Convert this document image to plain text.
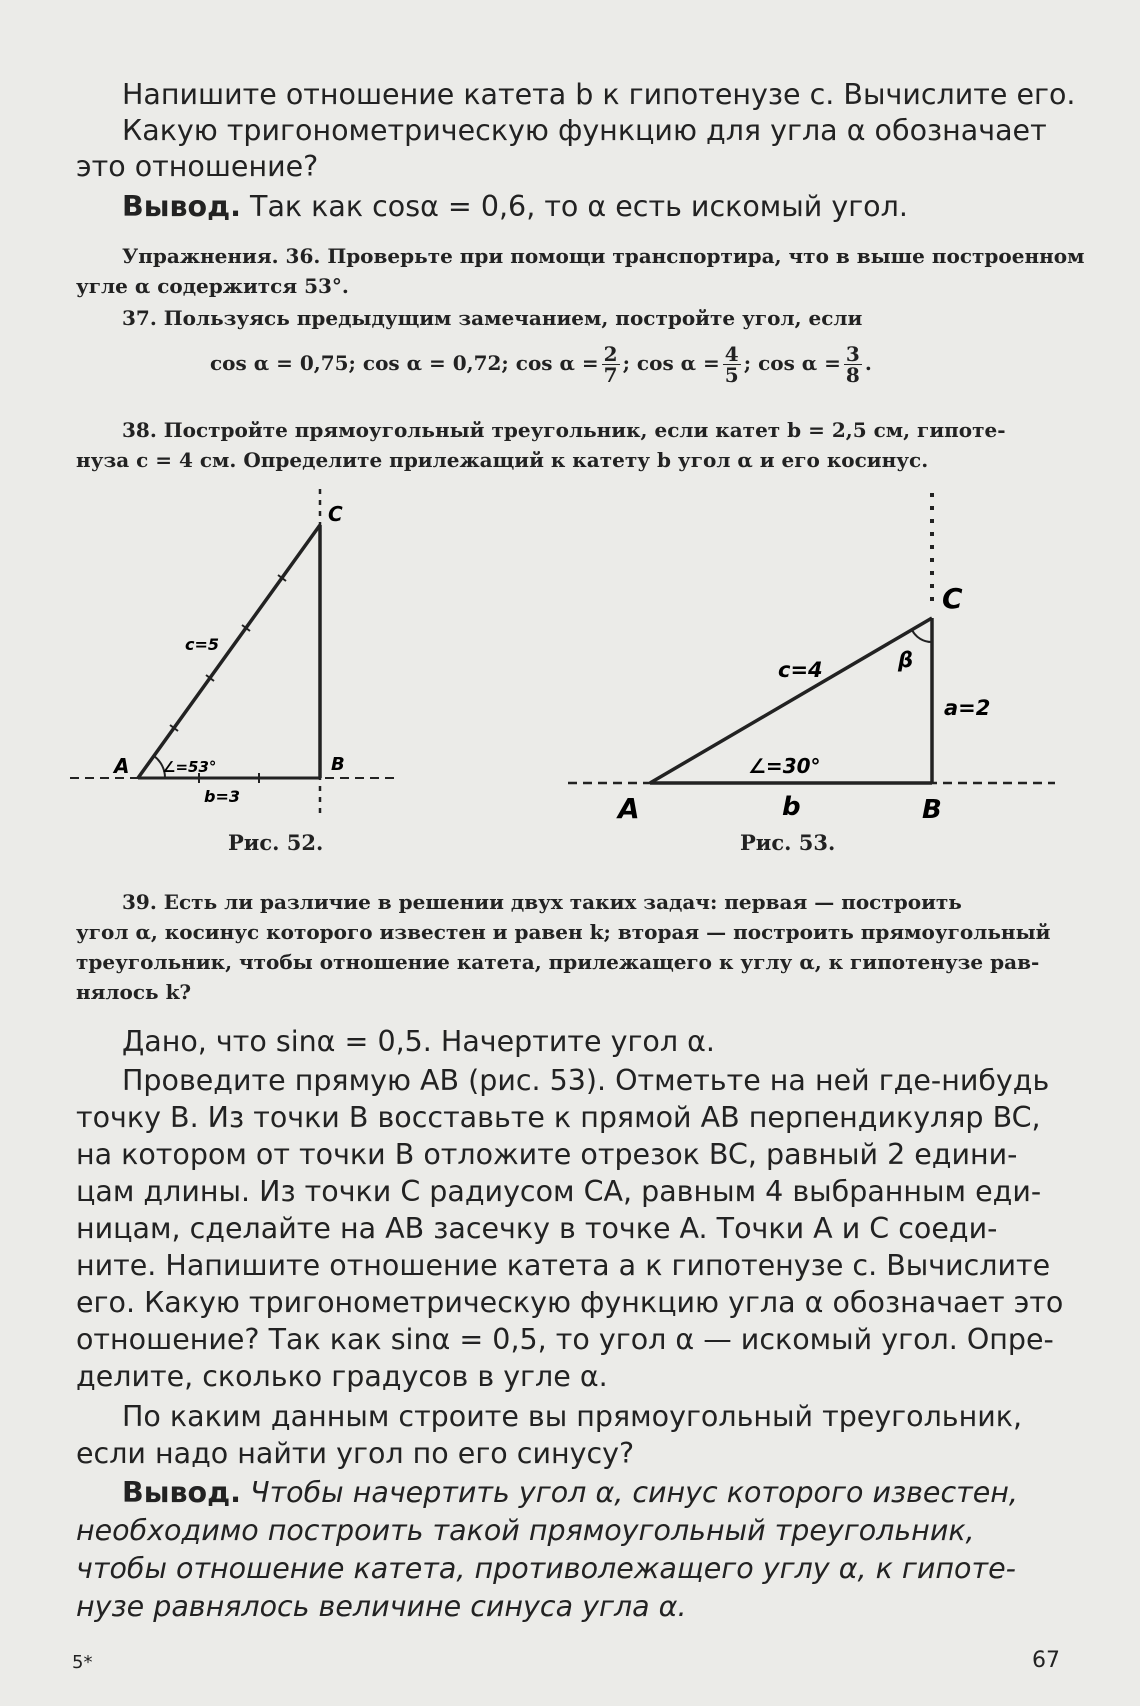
Напишите отношение катета b к гипотенузе c. Вычислите его.
Какую тригонометрическую функцию для угла α обозначает
это отношение?
Вывод. Так как cosα = 0,6, то α есть искомый угол.
Упражнения. 36. Проверьте при помощи транспортира, что в выше построенном
угле α содержится 53°.
37. Пользуясь предыдущим замечанием, постройте угол, если
cos α = 0,75; cos α = 0,72; $\cos \alpha = \frac{2}{7}$ ; $\cos \alpha = \frac{4}{5}$ ; $\cos \alpha = \frac{3}{8}$ .
38. Постройте прямоугольный треугольник, если катет b = 2,5 см, гипоте-
нуза c = 4 см. Определите прилежащий к катету b угол α и его косинус.
C
A	B
c=5
∠=53°
b=3
Рис. 52.
C
A	B
c=4	β
a=2
∠=30°
b
Рис. 53.
39. Есть ли различие в решении двух таких задач: первая — построить
угол α, косинус которого известен и равен k; вторая — построить прямоугольный
треугольник, чтобы отношение катета, прилежащего к углу α, к гипотенузе рав-
нялось k?
Дано, что sinα = 0,5. Начертите угол α.
Проведите прямую AB (рис. 53). Отметьте на ней где-нибудь
точку B. Из точки B восставьте к прямой AB перпендикуляр BC,
на котором от точки B отложите отрезок BC, равный 2 едини-
цам длины. Из точки C радиусом CA, равным 4 выбранным еди-
ницам, сделайте на AB засечку в точке A. Точки A и C соеди-
ните. Напишите отношение катета a к гипотенузе c. Вычислите
его. Какую тригонометрическую функцию угла α обозначает это
отношение? Так как sinα = 0,5, то угол α — искомый угол. Опре-
делите, сколько градусов в угле α.
По каким данным строите вы прямоугольный треугольник,
если надо найти угол по его синусу?
Вывод. Чтобы начертить угол α, синус которого известен,
необходимо построить такой прямоугольный треугольник,
чтобы отношение катета, противолежащего углу α, к гипоте-
нузе равнялось величине синуса угла α.
5*	67
